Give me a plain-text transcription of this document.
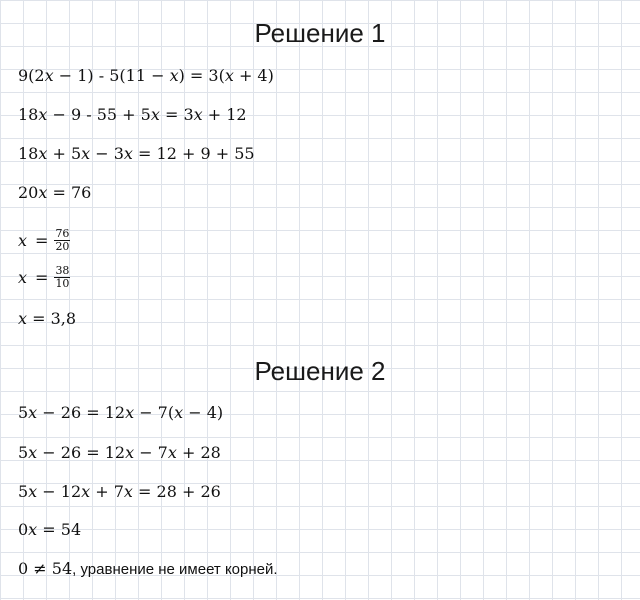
Решение 1
9(2𝑥 − 1) - 5(11 − 𝑥) = 3(𝑥 + 4)
18𝑥 − 9 - 55 + 5𝑥 = 3𝑥 + 12
18𝑥 + 5𝑥 − 3𝑥 = 12 + 9 + 55
20𝑥 = 76
𝑥 = $\frac{76}{20}$
𝑥 = $\frac{38}{10}$
𝑥 = 3,8
Решение 2
5𝑥 − 26 = 12𝑥 − 7(𝑥 − 4)
5𝑥 − 26 = 12𝑥 − 7𝑥 + 28
5𝑥 − 12𝑥 + 7𝑥 = 28 + 26
0𝑥 = 54
0 ≠ 54, уравнение не имеет корней.
